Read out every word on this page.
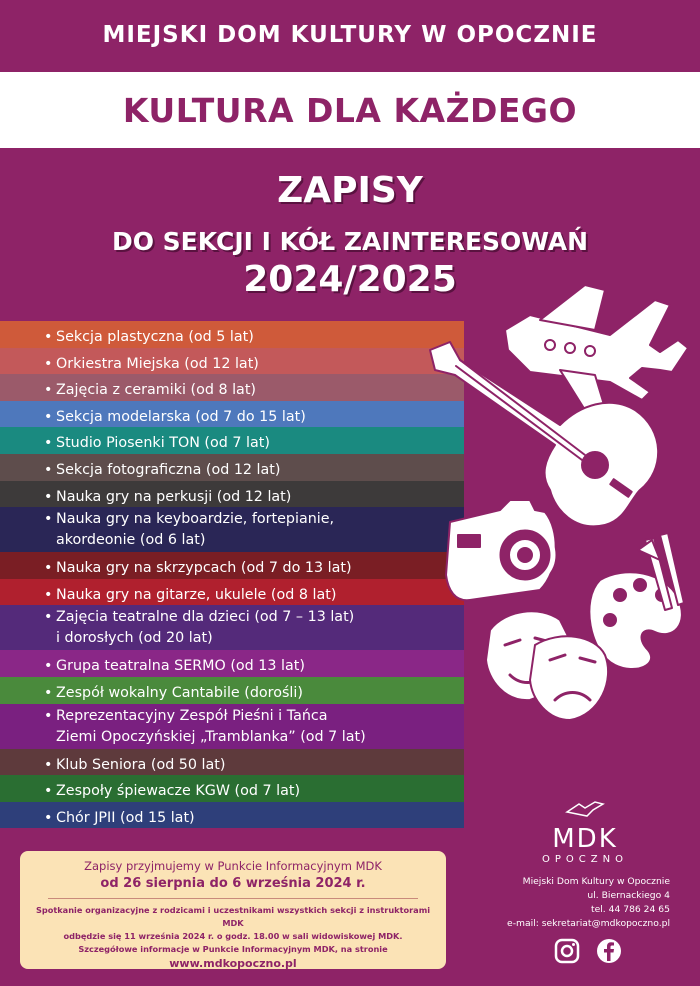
MIEJSKI DOM KULTURY W OPOCZNIE
KULTURA DLA KAŻDEGO
ZAPISY
DO SEKCJI I KÓŁ ZAINTERESOWAŃ
2024/2025
• Sekcja plastyczna (od 5 lat)
• Orkiestra Miejska (od 12 lat)
• Zajęcia z ceramiki (od 8 lat)
• Sekcja modelarska (od 7 do 15 lat)
• Studio Piosenki TON (od 7 lat)
• Sekcja fotograficzna (od 12 lat)
• Nauka gry na perkusji (od 12 lat)
• Nauka gry na keyboardzie, fortepianie,
akordeonie (od 6 lat)
• Nauka gry na skrzypcach (od 7 do 13 lat)
• Nauka gry na gitarze, ukulele (od 8 lat)
• Zajęcia teatralne dla dzieci (od 7 – 13 lat)
i dorosłych (od 20 lat)
• Grupa teatralna SERMO (od 13 lat)
• Zespół wokalny Cantabile (dorośli)
• Reprezentacyjny Zespół Pieśni i Tańca
Ziemi Opoczyńskiej „Tramblanka” (od 7 lat)
• Klub Seniora (od 50 lat)
• Zespoły śpiewacze KGW (od 7 lat)
• Chór JPII (od 15 lat)
Zapisy przyjmujemy w Punkcie Informacyjnym MDK
od 26 sierpnia do 6 września 2024 r.
Spotkanie organizacyjne z rodzicami i uczestnikami wszystkich sekcji z instruktorami MDK
odbędzie się 11 września 2024 r. o godz. 18.00 w sali widowiskowej MDK.
Szczegółowe informacje w Punkcie Informacyjnym MDK, na stronie
www.mdkopoczno.pl
MDK
OPOCZNO
Miejski Dom Kultury w Opocznie
ul. Biernackiego 4
tel. 44 786 24 65
e-mail: sekretariat@mdkopoczno.pl
